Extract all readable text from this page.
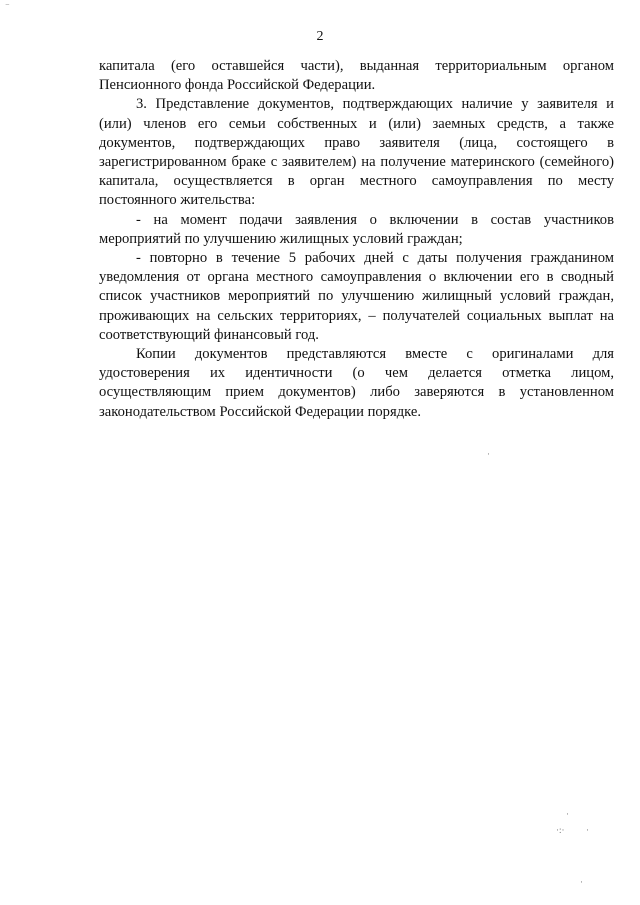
2

капитала (его оставшейся части), выданная территориальным органом Пенсионного фонда Российской Федерации.

3. Представление документов, подтверждающих наличие у заявителя и (или) членов его семьи собственных и (или) заемных средств, а также документов, подтверждающих право заявителя (лица, состоящего в зарегистрированном браке с заявителем) на получение материнского (семейного) капитала, осуществляется в орган местного самоуправления по месту постоянного жительства:

- на момент подачи заявления о включении в состав участников мероприятий по улучшению жилищных условий граждан;

- повторно в течение 5 рабочих дней с даты получения гражданином уведомления от органа местного самоуправления о включении его в сводный список участников мероприятий по улучшению жилищный условий граждан, проживающих на сельских территориях, – получателей социальных выплат на соответствующий финансовый год.

Копии документов представляются вместе с оригиналами для удостоверения их идентичности (о чем делается отметка лицом, осуществляющим прием документов) либо заверяются в установленном законодательством Российской Федерации порядке.

⁻
·
·
·:· ·
·
